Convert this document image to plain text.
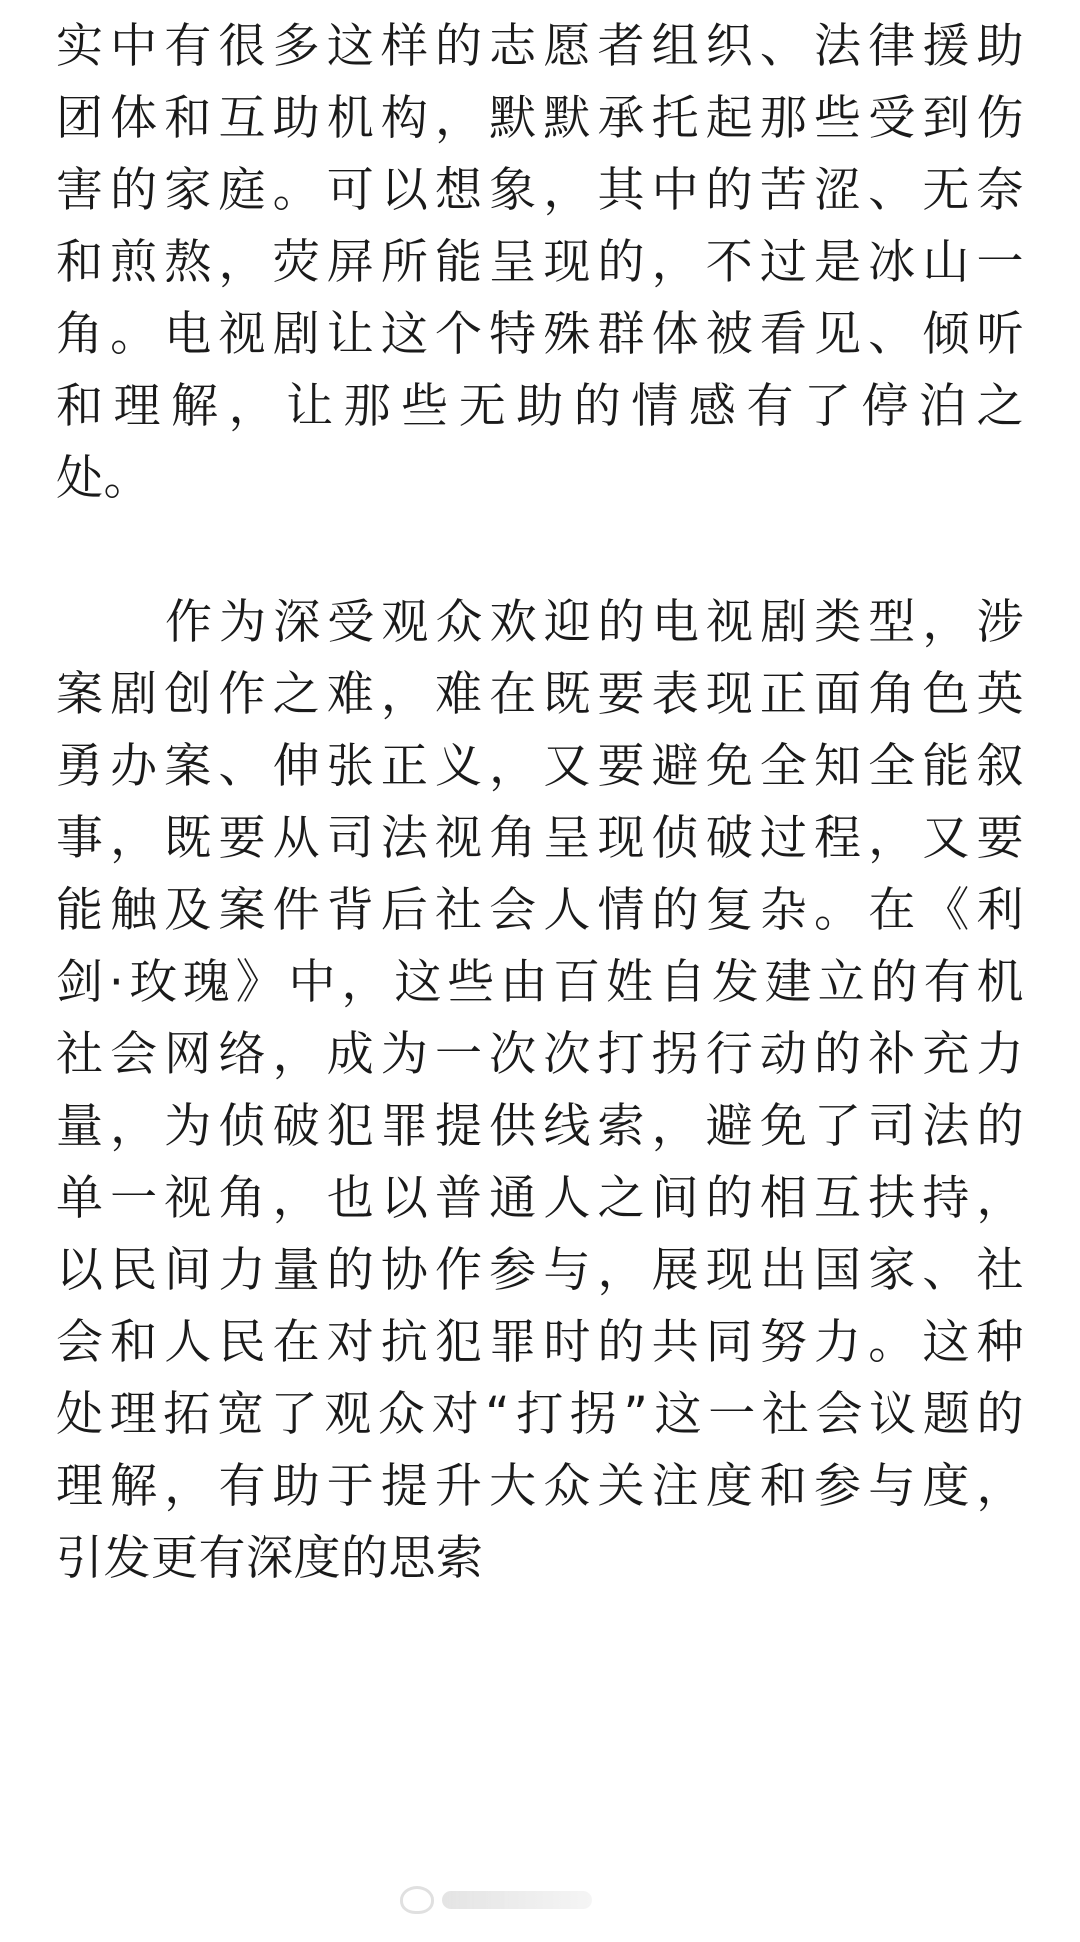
实中有很多这样的志愿者组织、法律援助
团体和互助机构，默默承托起那些受到伤
害的家庭。可以想象，其中的苦涩、无奈
和煎熬，荧屏所能呈现的，不过是冰山一
角。电视剧让这个特殊群体被看见、倾听
和理解，让那些无助的情感有了停泊之
处。
作为深受观众欢迎的电视剧类型，涉
案剧创作之难，难在既要表现正面角色英
勇办案、伸张正义，又要避免全知全能叙
事，既要从司法视角呈现侦破过程，又要
能触及案件背后社会人情的复杂。在《利
剑·玫瑰》中，这些由百姓自发建立的有机
社会网络，成为一次次打拐行动的补充力
量，为侦破犯罪提供线索，避免了司法的
单一视角，也以普通人之间的相互扶持，
以民间力量的协作参与，展现出国家、社
会和人民在对抗犯罪时的共同努力。这种
处理拓宽了观众对“打拐”这一社会议题的
理解，有助于提升大众关注度和参与度，
引发更有深度的思索
